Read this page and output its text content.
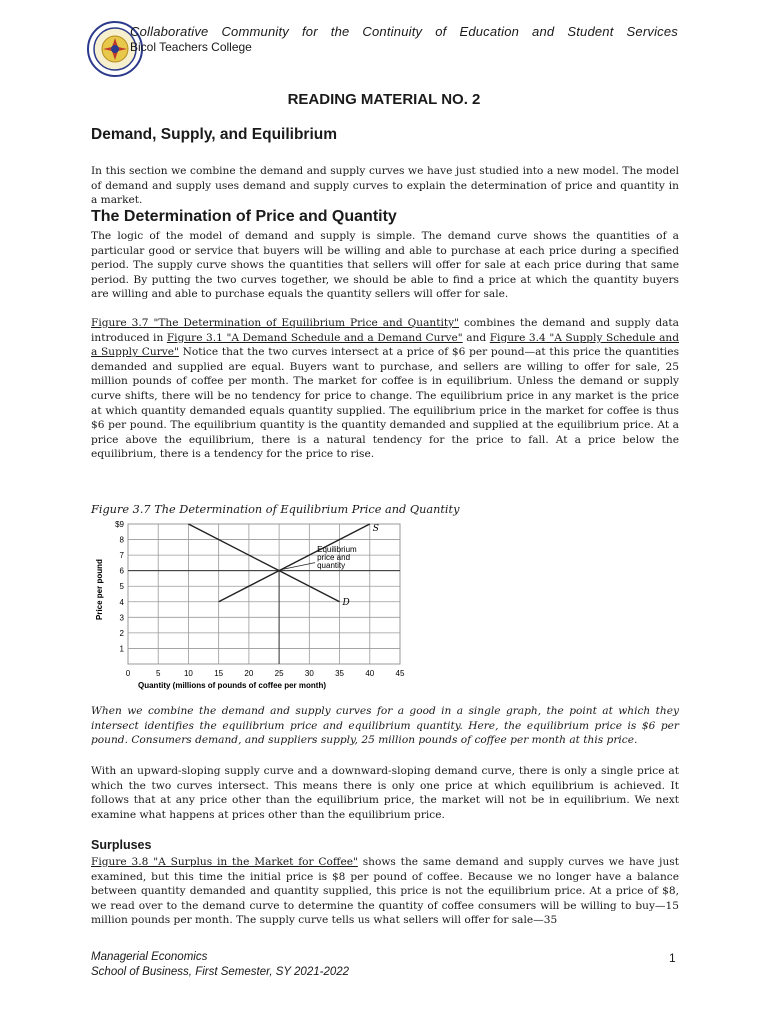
Collaborative Community for the Continuity of Education and Student Services
Bicol Teachers College
READING MATERIAL NO. 2
Demand, Supply, and Equilibrium
In this section we combine the demand and supply curves we have just studied into a new model. The model of demand and supply uses demand and supply curves to explain the determination of price and quantity in a market.
The Determination of Price and Quantity
The logic of the model of demand and supply is simple. The demand curve shows the quantities of a particular good or service that buyers will be willing and able to purchase at each price during a specified period. The supply curve shows the quantities that sellers will offer for sale at each price during that same period. By putting the two curves together, we should be able to find a price at which the quantity buyers are willing and able to purchase equals the quantity sellers will offer for sale.
Figure 3.7 "The Determination of Equilibrium Price and Quantity" combines the demand and supply data introduced in Figure 3.1 "A Demand Schedule and a Demand Curve" and Figure 3.4 "A Supply Schedule and a Supply Curve" Notice that the two curves intersect at a price of $6 per pound—at this price the quantities demanded and supplied are equal. Buyers want to purchase, and sellers are willing to offer for sale, 25 million pounds of coffee per month. The market for coffee is in equilibrium. Unless the demand or supply curve shifts, there will be no tendency for price to change. The equilibrium price in any market is the price at which quantity demanded equals quantity supplied. The equilibrium price in the market for coffee is thus $6 per pound. The equilibrium quantity is the quantity demanded and supplied at the equilibrium price. At a price above the equilibrium, there is a natural tendency for the price to fall. At a price below the equilibrium, there is a tendency for the price to rise.
Figure 3.7 The Determination of Equilibrium Price and Quantity
S
D
Equilibrium
price and
quantity
1
2
3
4
5
6
7
8
$9
0	5	10	15	20	25	30	35	40	45
Quantity (millions of pounds of coffee per month)
Price per pound
When we combine the demand and supply curves for a good in a single graph, the point at which they intersect identifies the equilibrium price and equilibrium quantity. Here, the equilibrium price is $6 per pound. Consumers demand, and suppliers supply, 25 million pounds of coffee per month at this price.
With an upward-sloping supply curve and a downward-sloping demand curve, there is only a single price at which the two curves intersect. This means there is only one price at which equilibrium is achieved. It follows that at any price other than the equilibrium price, the market will not be in equilibrium. We next examine what happens at prices other than the equilibrium price.
Surpluses
Figure 3.8 "A Surplus in the Market for Coffee" shows the same demand and supply curves we have just examined, but this time the initial price is $8 per pound of coffee. Because we no longer have a balance between quantity demanded and quantity supplied, this price is not the equilibrium price. At a price of $8, we read over to the demand curve to determine the quantity of coffee consumers will be willing to buy—15 million pounds per month. The supply curve tells us what sellers will offer for sale—35
Managerial Economics
School of Business, First Semester, SY 2021-2022
1
